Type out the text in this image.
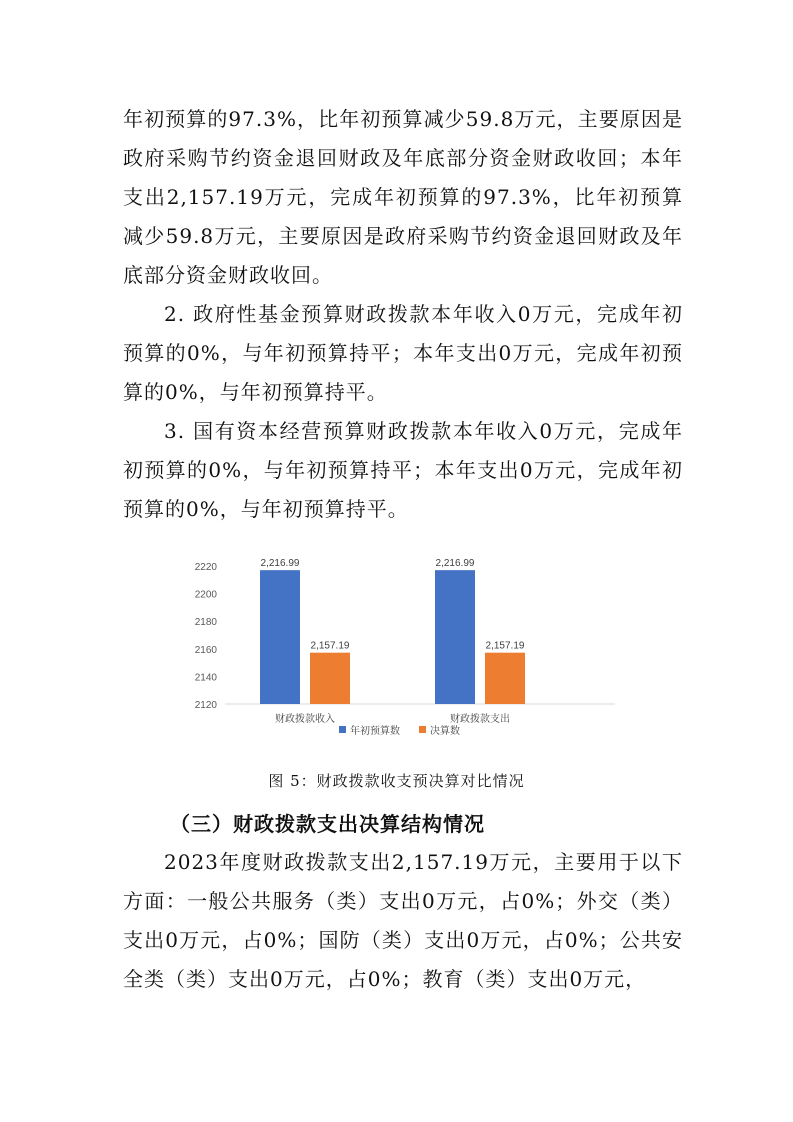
年初预算的97.3%，比年初预算减少59.8万元，主要原因是政府采购节约资金退回财政及年底部分资金财政收回；本年支出2,157.19万元，完成年初预算的97.3%，比年初预算减少59.8万元，主要原因是政府采购节约资金退回财政及年底部分资金财政收回。

2. 政府性基金预算财政拨款本年收入0万元，完成年初预算的0%，与年初预算持平；本年支出0万元，完成年初预算的0%，与年初预算持平。

3. 国有资本经营预算财政拨款本年收入0万元，完成年初预算的0%，与年初预算持平；本年支出0万元，完成年初预算的0%，与年初预算持平。

2120
2140
2160
2180
2200
2220	2,216.99
2,157.19
财政拨款收入
2,216.99
2,157.19
财政拨款支出
年初预算数	决算数
图 5：财政拨款收支预决算对比情况
（三）财政拨款支出决算结构情况

2023年度财政拨款支出2,157.19万元，主要用于以下方面：一般公共服务（类）支出0万元，占0%；外交（类）支出0万元，占0%；国防（类）支出0万元，占0%；公共安全类（类）支出0万元，占0%；教育（类）支出0万元，
